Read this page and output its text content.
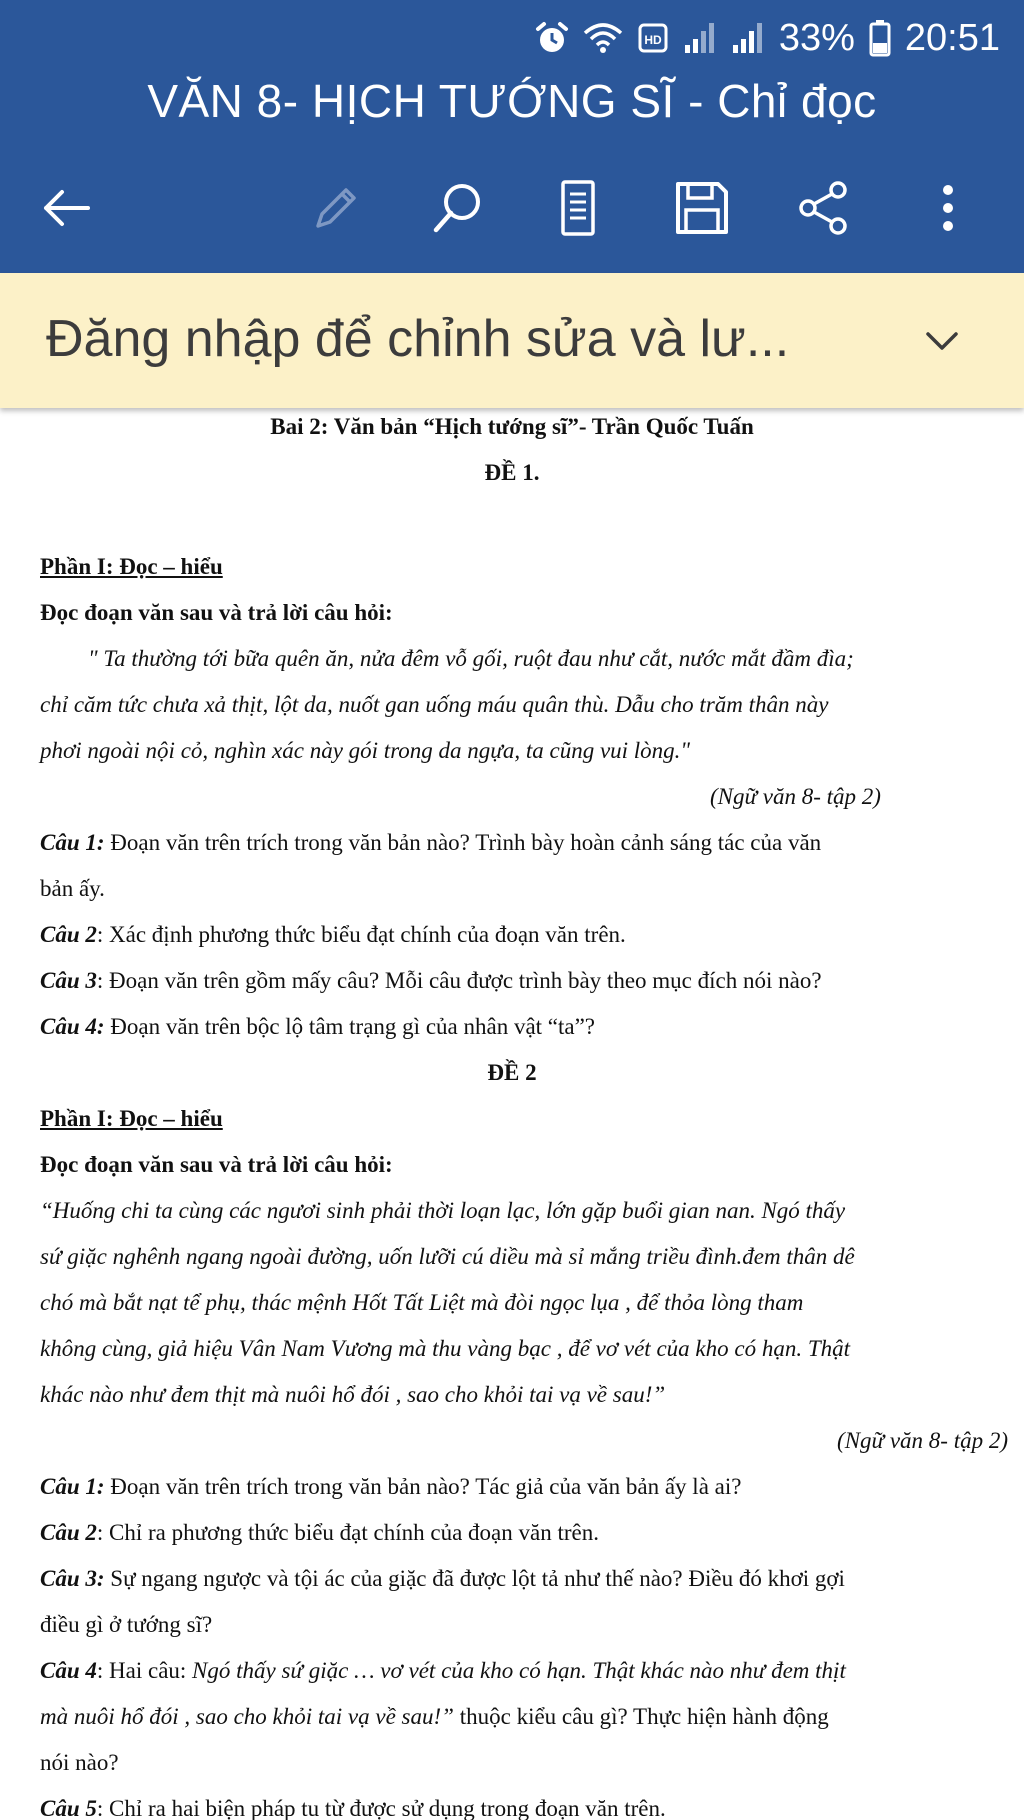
HD	33% 20:51
VĂN 8- HỊCH TƯỚNG SĨ - Chỉ đọc
Đăng nhập để chỉnh sửa và lư...
Bai 2: Văn bản “Hịch tướng sĩ”- Trần Quốc Tuấn
ĐỀ 1.
Phần I: Đọc – hiểu
Đọc đoạn văn sau và trả lời câu hỏi:
" Ta thường tới bữa quên ăn, nửa đêm vỗ gối, ruột đau như cắt, nước mắt đầm đìa;
chỉ căm tức chưa xả thịt, lột da, nuốt gan uống máu quân thù. Dẫu cho trăm thân này
phơi ngoài nội cỏ, nghìn xác này gói trong da ngựa, ta cũng vui lòng."
(Ngữ văn 8- tập 2)
Câu 1: Đoạn văn trên trích trong văn bản nào? Trình bày hoàn cảnh sáng tác của văn
bản ấy.
Câu 2: Xác định phương thức biểu đạt chính của đoạn văn trên.
Câu 3: Đoạn văn trên gồm mấy câu? Mỗi câu được trình bày theo mục đích nói nào?
Câu 4: Đoạn văn trên bộc lộ tâm trạng gì của nhân vật “ta”?
ĐỀ 2
Phần I: Đọc – hiểu
Đọc đoạn văn sau và trả lời câu hỏi:
“Huống chi ta cùng các ngươi sinh phải thời loạn lạc, lớn gặp buổi gian nan. Ngó thấy
sứ giặc nghênh ngang ngoài đường, uốn lưỡi cú diều mà sỉ mắng triều đình.đem thân dê
chó mà bắt nạt tể phụ, thác mệnh Hốt Tất Liệt mà đòi ngọc lụa , để thỏa lòng tham
không cùng, giả hiệu Vân Nam Vương mà thu vàng bạc , để vơ vét của kho có hạn. Thật
khác nào như đem thịt mà nuôi hổ đói , sao cho khỏi tai vạ về sau!”
(Ngữ văn 8- tập 2)
Câu 1: Đoạn văn trên trích trong văn bản nào? Tác giả của văn bản ấy là ai?
Câu 2: Chỉ ra phương thức biểu đạt chính của đoạn văn trên.
Câu 3: Sự ngang ngược và tội ác của giặc đã được lột tả như thế nào? Điều đó khơi gợi
điều gì ở tướng sĩ?
Câu 4: Hai câu: Ngó thấy sứ giặc … vơ vét của kho có hạn. Thật khác nào như đem thịt
mà nuôi hổ đói , sao cho khỏi tai vạ về sau!” thuộc kiểu câu gì? Thực hiện hành động
nói nào?
Câu 5: Chỉ ra hai biện pháp tu từ được sử dụng trong đoạn văn trên.
